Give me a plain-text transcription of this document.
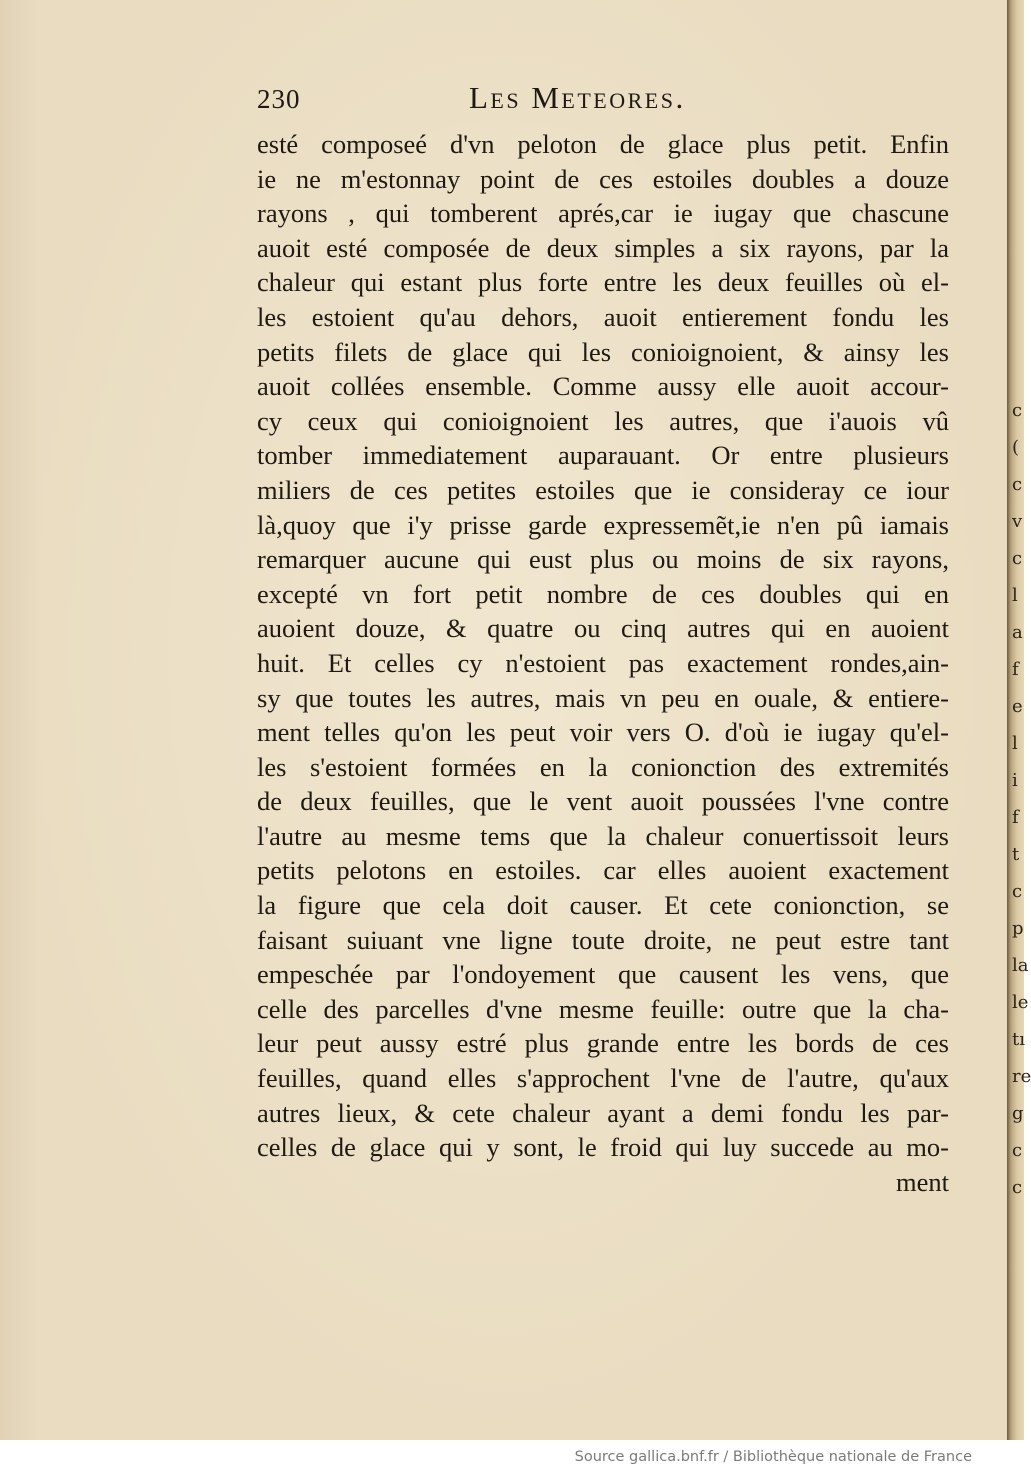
230	Les Meteores.
esté composeé d'vn peloton de glace plus petit. Enfin
ie ne m'estonnay point de ces estoiles doubles a douze
rayons , qui tomberent aprés,car ie iugay que chascune
auoit esté composée de deux simples a six rayons, par la
chaleur qui estant plus forte entre les deux feuilles où el-
les estoient qu'au dehors, auoit entierement fondu les
petits filets de glace qui les conioignoient, & ainsy les
auoit collées ensemble. Comme aussy elle auoit accour-
cy ceux qui conioignoient les autres, que i'auois vû
tomber immediatement auparauant. Or entre plusieurs
miliers de ces petites estoiles que ie consideray ce iour
là,quoy que i'y prisse garde expressemẽt,ie n'en pû iamais
remarquer aucune qui eust plus ou moins de six rayons,
excepté vn fort petit nombre de ces doubles qui en
auoient douze, & quatre ou cinq autres qui en auoient
huit. Et celles cy n'estoient pas exactement rondes,ain-
sy que toutes les autres, mais vn peu en ouale, & entiere-
ment telles qu'on les peut voir vers O. d'où ie iugay qu'el-
les s'estoient formées en la conionction des extremités
de deux feuilles, que le vent auoit poussées l'vne contre
l'autre au mesme tems que la chaleur conuertissoit leurs
petits pelotons en estoiles. car elles auoient exactement
la figure que cela doit causer. Et cete conionction, se
faisant suiuant vne ligne toute droite, ne peut estre tant
empeschée par l'ondoyement que causent les vens, que
celle des parcelles d'vne mesme feuille: outre que la cha-
leur peut aussy estré plus grande entre les bords de ces
feuilles, quand elles s'approchent l'vne de l'autre, qu'aux
autres lieux, & cete chaleur ayant a demi fondu les par-
celles de glace qui y sont, le froid qui luy succede au mo-
ment
c
(
c
v
c
l
a
f
e
l
i
f
t
c
p
la
le
tı
re
g
c
c
Source gallica.bnf.fr / Bibliothèque nationale de France
